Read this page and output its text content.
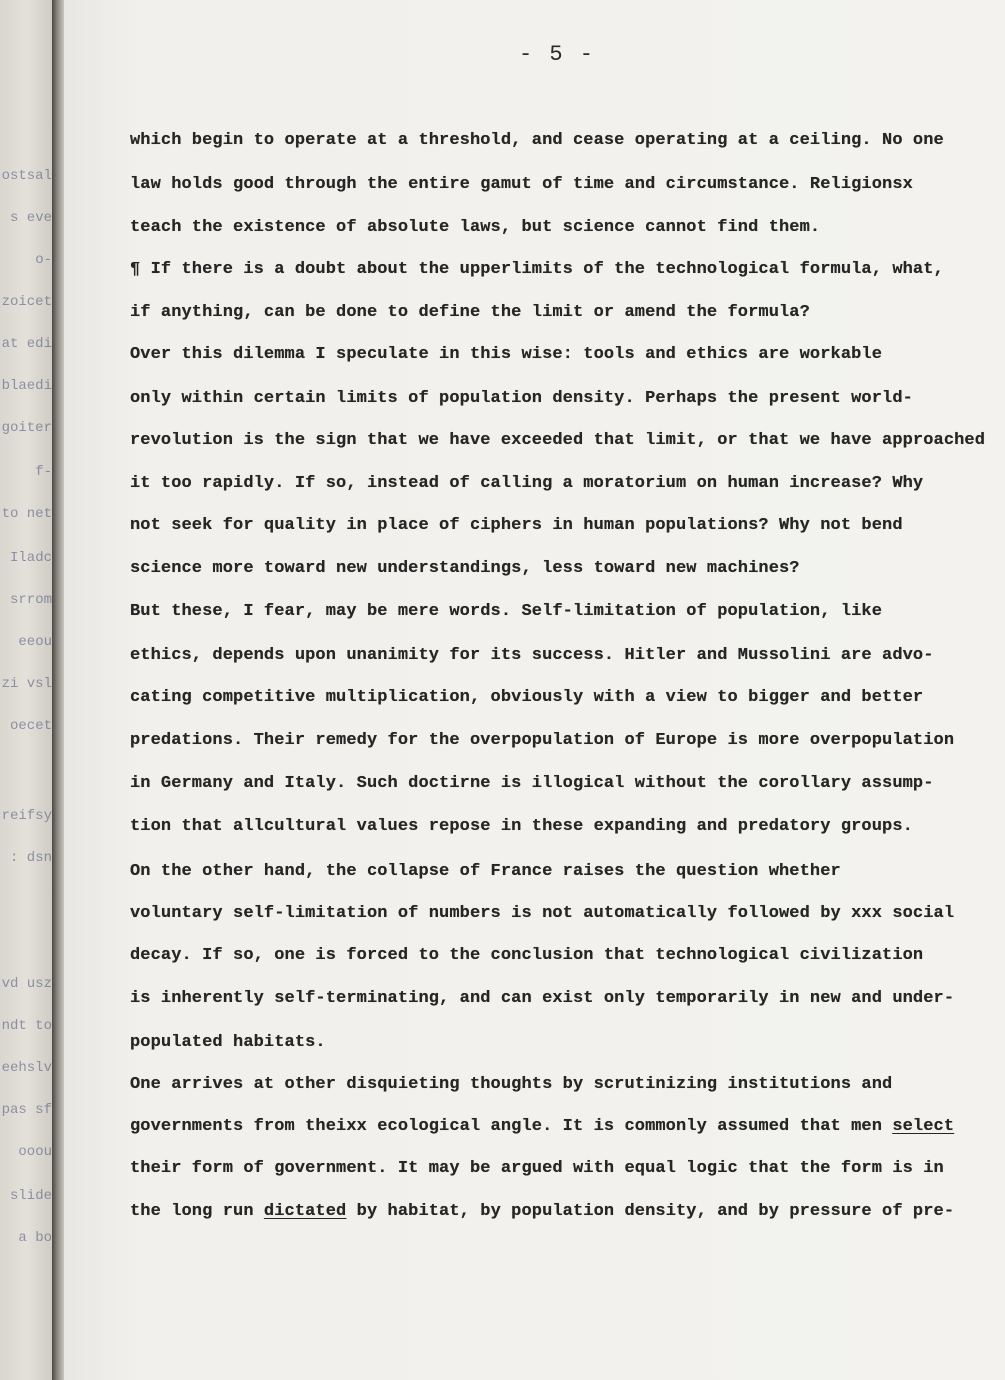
ostsal
s eve
o-
zoicet
at edi
blaedi
goiter
f-
to net
Iladc
srrom
eeou
zi vsl
oecet
reifsy
: dsn
vd usz
ndt to
eehslv
pas sf
ooou
slide
a bo
- 5 -

which begin to operate at a threshold, and cease operating at a ceiling. No one

law holds good through the entire gamut of time and circumstance. Religionsx

teach the existence of absolute laws, but science cannot find them.

¶ If there is a doubt about the upperlimits of the technological formula, what,

if anything, can be done to define the limit or amend the formula?

Over this dilemma I speculate in this wise: tools and ethics are workable

only within certain limits of population density. Perhaps the present world-

revolution is the sign that we have exceeded that limit, or that we have approached

it too rapidly. If so, instead of calling a moratorium on human increase? Why

not seek for quality in place of ciphers in human populations? Why not bend

science more toward new understandings, less toward new machines?

But these, I fear, may be mere words. Self-limitation of population, like

ethics, depends upon unanimity for its success. Hitler and Mussolini are advo-

cating competitive multiplication, obviously with a view to bigger and better

predations. Their remedy for the overpopulation of Europe is more overpopulation

in Germany and Italy. Such doctirne is illogical without the corollary assump-

tion that allcultural values repose in these expanding and predatory groups.

On the other hand, the collapse of France raises the question whether

voluntary self-limitation of numbers is not automatically followed by xxx social

decay. If so, one is forced to the conclusion that technological civilization

is inherently self-terminating, and can exist only temporarily in new and under-

populated habitats.

One arrives at other disquieting thoughts by scrutinizing institutions and

governments from theixx ecological angle. It is commonly assumed that men select

their form of government. It may be argued with equal logic that the form is in

the long run dictated by habitat, by population density, and by pressure of pre-
